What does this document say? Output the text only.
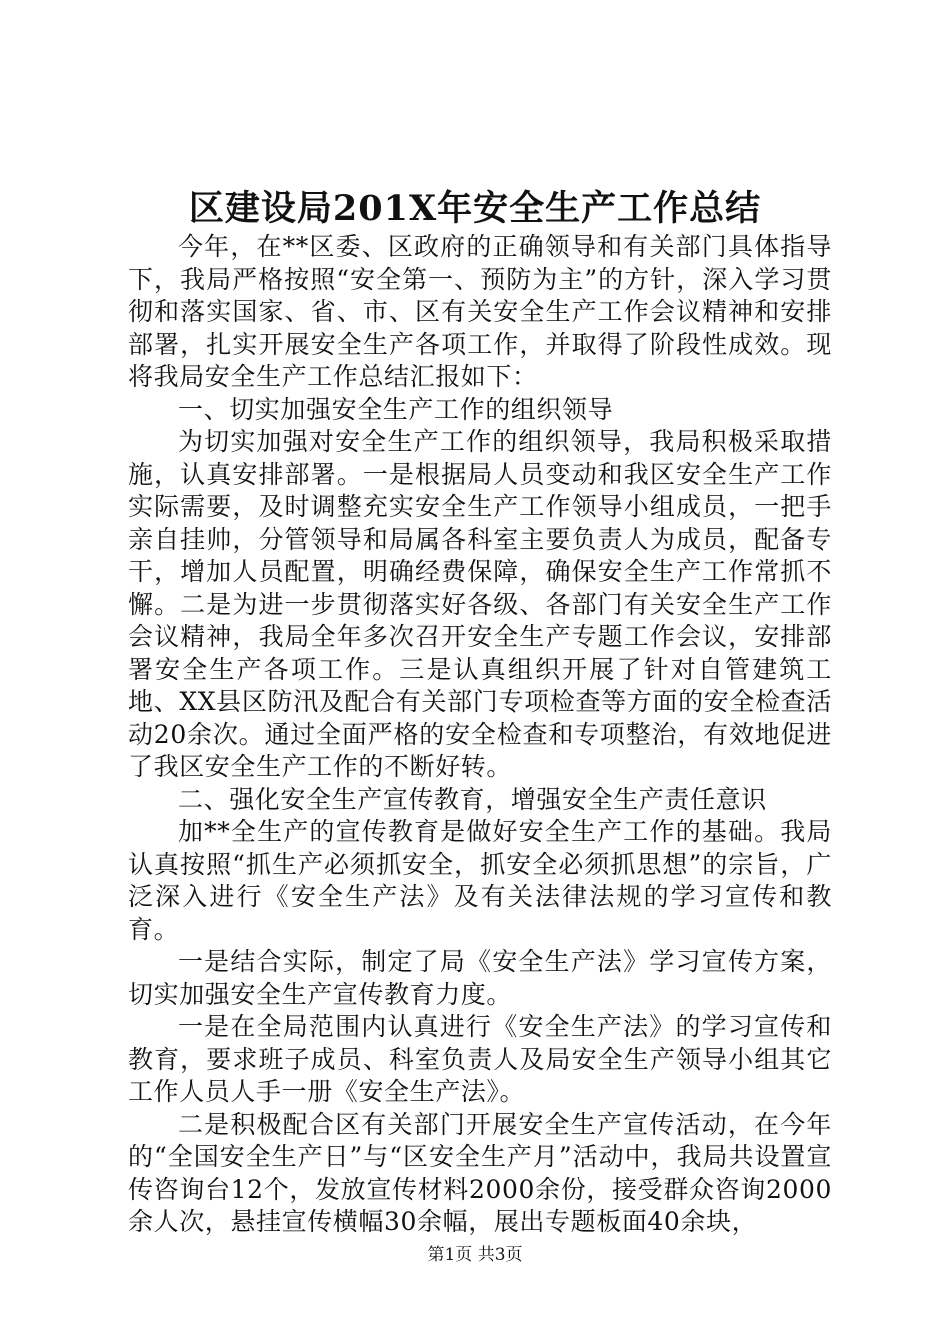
区建设局201X年安全生产工作总结

今年，在**区委、区政府的正确领导和有关部门具体指导下，我局严格按照“安全第一、预防为主”的方针，深入学习贯彻和落实国家、省、市、区有关安全生产工作会议精神和安排部署，扎实开展安全生产各项工作，并取得了阶段性成效。现将我局安全生产工作总结汇报如下：

一、切实加强安全生产工作的组织领导

为切实加强对安全生产工作的组织领导，我局积极采取措施，认真安排部署。一是根据局人员变动和我区安全生产工作实际需要，及时调整充实安全生产工作领导小组成员，一把手亲自挂帅，分管领导和局属各科室主要负责人为成员，配备专干，增加人员配置，明确经费保障，确保安全生产工作常抓不懈。二是为进一步贯彻落实好各级、各部门有关安全生产工作会议精神，我局全年多次召开安全生产专题工作会议，安排部署安全生产各项工作。三是认真组织开展了针对自管建筑工地、XX县区防汛及配合有关部门专项检查等方面的安全检查活动20余次。通过全面严格的安全检查和专项整治，有效地促进了我区安全生产工作的不断好转。

二、强化安全生产宣传教育，增强安全生产责任意识

加**全生产的宣传教育是做好安全生产工作的基础。我局认真按照“抓生产必须抓安全，抓安全必须抓思想”的宗旨，广泛深入进行《安全生产法》及有关法律法规的学习宣传和教育。

一是结合实际，制定了局《安全生产法》学习宣传方案，切实加强安全生产宣传教育力度。

一是在全局范围内认真进行《安全生产法》的学习宣传和教育，要求班子成员、科室负责人及局安全生产领导小组其它工作人员人手一册《安全生产法》。

二是积极配合区有关部门开展安全生产宣传活动，在今年的“全国安全生产日”与“区安全生产月”活动中，我局共设置宣传咨询台12个，发放宣传材料2000余份，接受群众咨询2000余人次，悬挂宣传横幅30余幅，展出专题板面40余块，

第1页 共3页
